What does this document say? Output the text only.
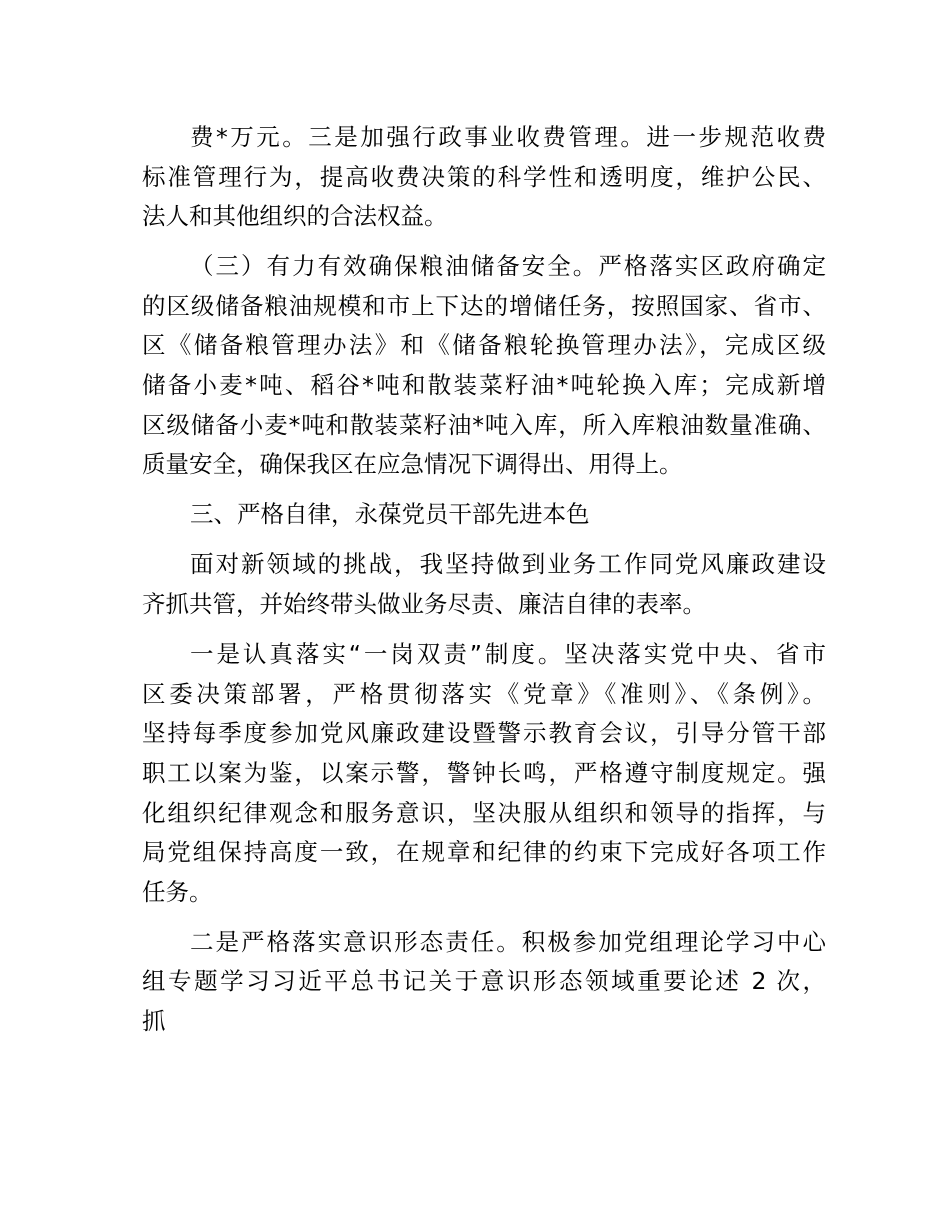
费*万元。三是加强行政事业收费管理。进一步规范收费
标准管理行为，提高收费决策的科学性和透明度，维护公民、
法人和其他组织的合法权益。
（三）有力有效确保粮油储备安全。严格落实区政府确定
的区级储备粮油规模和市上下达的增储任务，按照国家、省市、
区《储备粮管理办法》和《储备粮轮换管理办法》，完成区级
储备小麦*吨、稻谷*吨和散装菜籽油*吨轮换入库；完成新增
区级储备小麦*吨和散装菜籽油*吨入库，所入库粮油数量准确、
质量安全，确保我区在应急情况下调得出、用得上。
三、严格自律，永葆党员干部先进本色
面对新领域的挑战，我坚持做到业务工作同党风廉政建设
齐抓共管，并始终带头做业务尽责、廉洁自律的表率。
一是认真落实“一岗双责”制度。坚决落实党中央、省市
区委决策部署，严格贯彻落实《党章》《准则》、《条例》。
坚持每季度参加党风廉政建设暨警示教育会议，引导分管干部
职工以案为鉴，以案示警，警钟长鸣，严格遵守制度规定。强
化组织纪律观念和服务意识，坚决服从组织和领导的指挥，与
局党组保持高度一致，在规章和纪律的约束下完成好各项工作
任务。
二是严格落实意识形态责任。积极参加党组理论学习中心
组专题学习习近平总书记关于意识形态领域重要论述 2 次，
抓
